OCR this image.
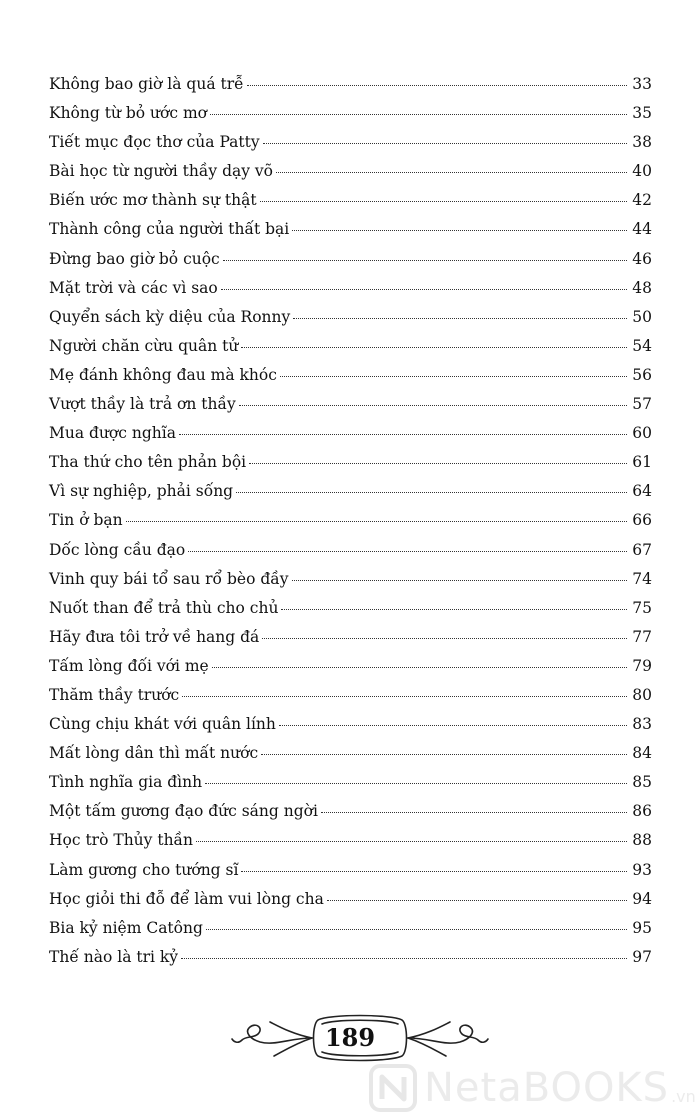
Không bao giờ là quá trễ	33
Không từ bỏ ước mơ	35
Tiết mục đọc thơ của Patty	38
Bài học từ người thầy dạy võ	40
Biến ước mơ thành sự thật	42
Thành công của người thất bại	44
Đừng bao giờ bỏ cuộc	46
Mặt trời và các vì sao	48
Quyển sách kỳ diệu của Ronny	50
Người chăn cừu quân tử	54
Mẹ đánh không đau mà khóc	56
Vượt thầy là trả ơn thầy	57
Mua được nghĩa	60
Tha thứ cho tên phản bội	61
Vì sự nghiệp, phải sống	64
Tin ở bạn	66
Dốc lòng cầu đạo	67
Vinh quy bái tổ sau rổ bèo đầy	74
Nuốt than để trả thù cho chủ	75
Hãy đưa tôi trở về hang đá	77
Tấm lòng đối với mẹ	79
Thăm thầy trước	80
Cùng chịu khát với quân lính	83
Mất lòng dân thì mất nước	84
Tình nghĩa gia đình	85
Một tấm gương đạo đức sáng ngời	86
Học trò Thủy thần	88
Làm gương cho tướng sĩ	93
Học giỏi thi đỗ để làm vui lòng cha	94
Bia kỷ niệm Catông	95
Thế nào là tri kỷ	97
189
NetaBOOKS .vn
